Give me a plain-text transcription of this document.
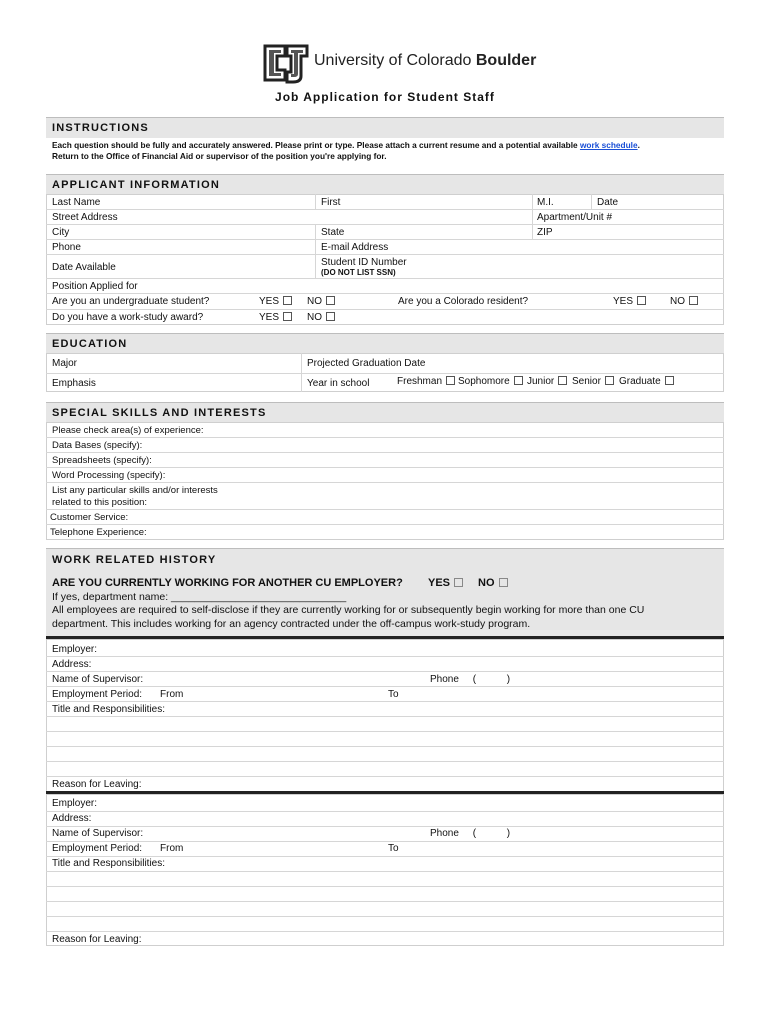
University of Colorado Boulder
Job Application for Student Staff
INSTRUCTIONS
Each question should be fully and accurately answered. Please print or type. Please attach a current resume and a potential available work schedule.
Return to the Office of Financial Aid or supervisor of the position you're applying for.
APPLICANT INFORMATION
Last Name	First	M.I.	Date
Street Address	Apartment/Unit #
City	State	ZIP
Phone	E-mail Address
Date Available	Student ID Number
(DO NOT LIST SSN)
Position Applied for
Are you an undergraduate student?	YES	NO	Are you a Colorado resident?	YES	NO
Do you have a work-study award?	YES	NO
EDUCATION
Major	Projected Graduation Date
Emphasis	Year in school	Freshman	Sophomore	Junior	Senior	Graduate
SPECIAL SKILLS AND INTERESTS
Please check area(s) of experience:
Data Bases (specify):
Spreadsheets (specify):
Word Processing (specify):
List any particular skills and/or interests
related to this position:
Customer Service:
Telephone Experience:
WORK RELATED HISTORY
ARE YOU CURRENTLY WORKING FOR ANOTHER CU EMPLOYER? YES	NO
If yes, department name: ______________________________
All employees are required to self-disclose if they are currently working for or subsequently begin working for more than one CU
department. This includes working for an agency contracted under the off-campus work-study program.
Employer:
Address:
Name of Supervisor:	Phone     (           )
Employment Period: From	To
Title and Responsibilities:
Reason for Leaving:
Employer:
Address:
Name of Supervisor:	Phone     (           )
Employment Period: From	To
Title and Responsibilities:
Reason for Leaving:
